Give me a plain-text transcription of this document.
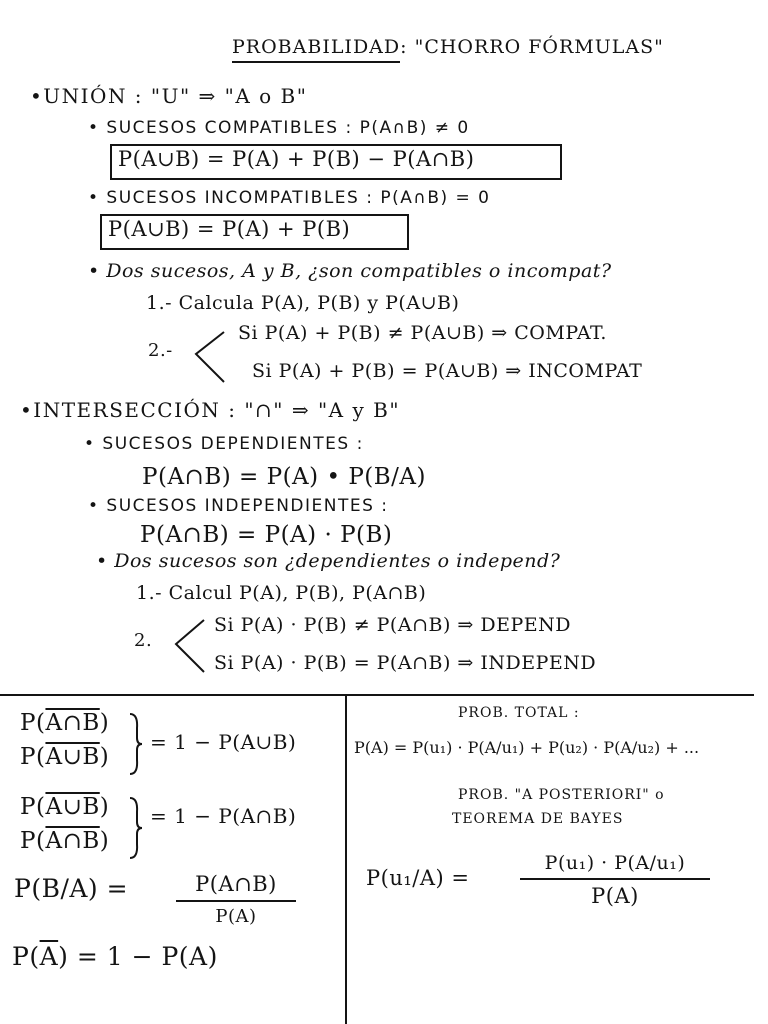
PROBABILIDAD: "CHORRO FÓRMULAS"
•UNIÓN : "U" ⇒ "A o B"
• SUCESOS COMPATIBLES : P(A∩B) ≠ 0
P(A∪B) = P(A) + P(B) − P(A∩B)
• SUCESOS INCOMPATIBLES : P(A∩B) = 0
P(A∪B) = P(A) + P(B)
• Dos sucesos, A y B, ¿son compatibles o incompat?
1.- Calcula P(A), P(B) y P(A∪B)
2.-
Si P(A) + P(B) ≠ P(A∪B) ⇒ COMPAT.
Si P(A) + P(B) = P(A∪B) ⇒ INCOMPAT
•INTERSECCIÓN : "∩" ⇒ "A y B"
• SUCESOS DEPENDIENTES :
P(A∩B) = P(A) • P(B/A)
• SUCESOS INDEPENDIENTES :
P(A∩B) = P(A) · P(B)
• Dos sucesos son ¿dependientes o independ?
1.- Calcul P(A), P(B), P(A∩B)
2.
Si P(A) · P(B) ≠ P(A∩B) ⇒ DEPEND
Si P(A) · P(B) = P(A∩B) ⇒ INDEPEND
P(A∩B)
P(A∪B)
= 1 − P(A∪B)
P(A∪B)
P(A∩B)
= 1 − P(A∩B)
P(B/A) =	P(A∩B)
P(A)
$P(\overline{A}) = 1 - P(A)$
PROB. TOTAL :
P(A) = P(u₁) · P(A/u₁) + P(u₂) · P(A/u₂) + ...
PROB. "A POSTERIORI" o
TEOREMA DE BAYES
P(u₁/A) =
P(u₁) · P(A/u₁)
P(A)
